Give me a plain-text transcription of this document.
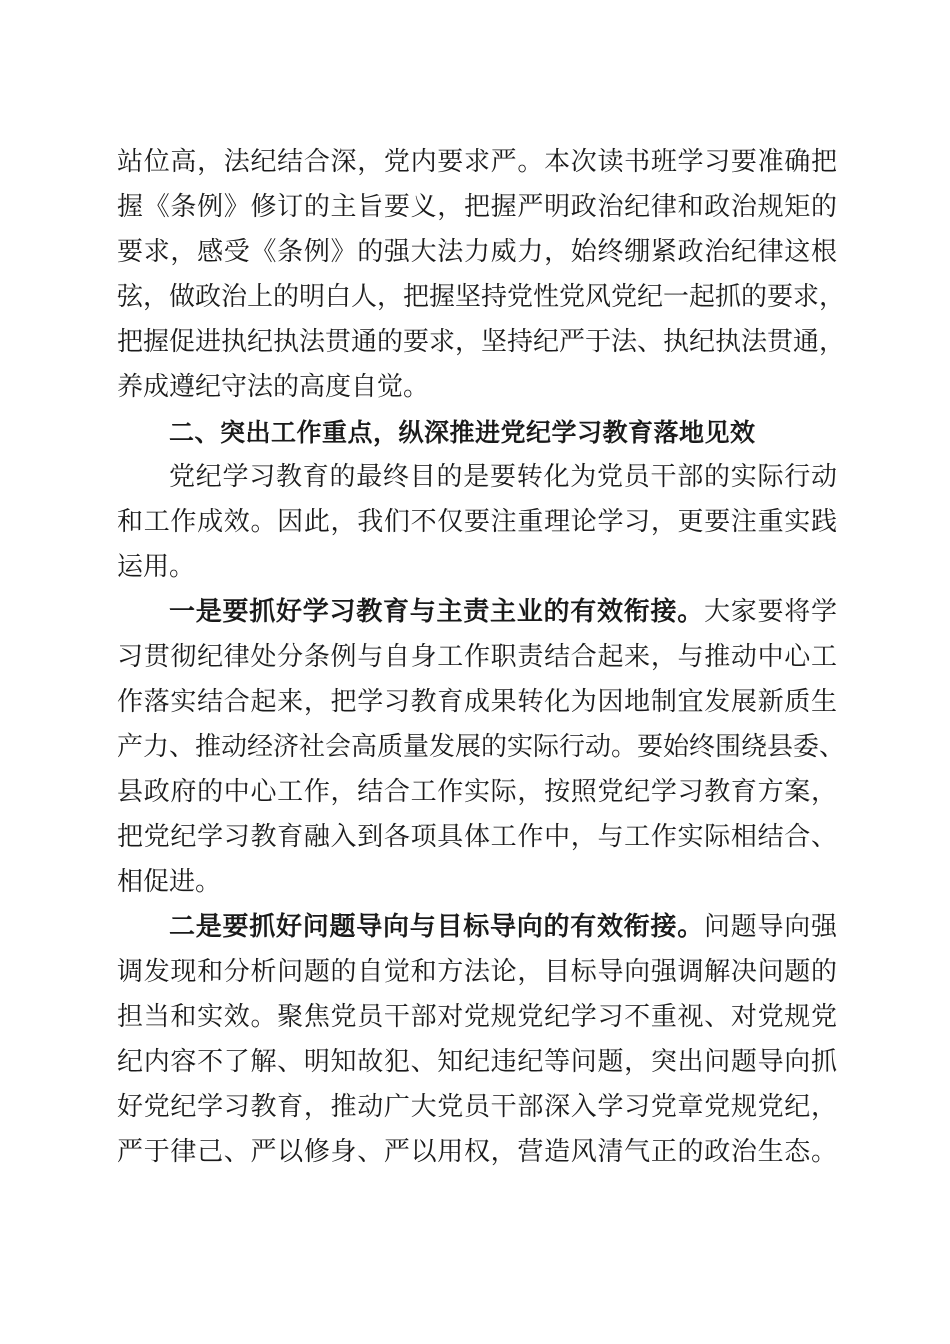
站位高，法纪结合深，党内要求严。本次读书班学习要准确把
握《条例》修订的主旨要义，把握严明政治纪律和政治规矩的
要求，感受《条例》的强大法力威力，始终绷紧政治纪律这根
弦，做政治上的明白人，把握坚持党性党风党纪一起抓的要求，
把握促进执纪执法贯通的要求，坚持纪严于法、执纪执法贯通，
养成遵纪守法的高度自觉。
二、突出工作重点，纵深推进党纪学习教育落地见效
党纪学习教育的最终目的是要转化为党员干部的实际行动
和工作成效。因此，我们不仅要注重理论学习，更要注重实践
运用。
一是要抓好学习教育与主责主业的有效衔接。大家要将学
习贯彻纪律处分条例与自身工作职责结合起来，与推动中心工
作落实结合起来，把学习教育成果转化为因地制宜发展新质生
产力、推动经济社会高质量发展的实际行动。要始终围绕县委、
县政府的中心工作，结合工作实际，按照党纪学习教育方案，
把党纪学习教育融入到各项具体工作中，与工作实际相结合、
相促进。
二是要抓好问题导向与目标导向的有效衔接。问题导向强
调发现和分析问题的自觉和方法论，目标导向强调解决问题的
担当和实效。聚焦党员干部对党规党纪学习不重视、对党规党
纪内容不了解、明知故犯、知纪违纪等问题，突出问题导向抓
好党纪学习教育，推动广大党员干部深入学习党章党规党纪，
严于律己、严以修身、严以用权，营造风清气正的政治生态。
